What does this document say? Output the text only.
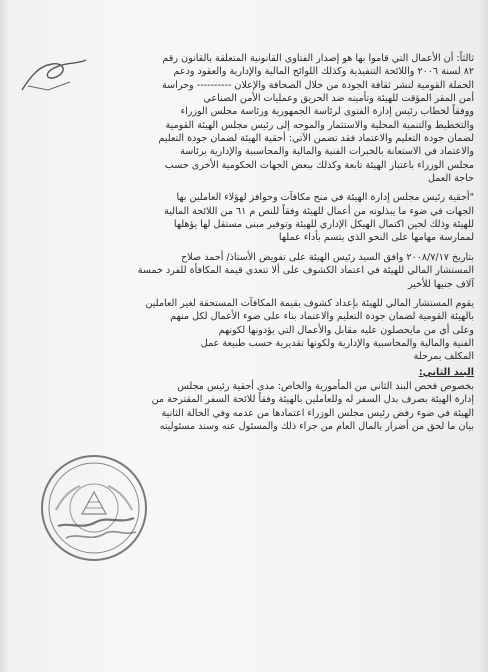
ثالثاً: أن الأعمال التي قاموا بها هو إصدار الفتاوى القانونية المتعلقة بالقانون رقم
٨٢ لسنة ٢٠٠٦ واللائحة التنفيذية وكذلك اللوائح المالية والإدارية والعقود ودعم
الحملة القومية لنشر ثقافة الجودة من خلال الصحافة والإعلان ---------- وحراسة
أمن المقر المؤقت للهيئة وتأمينه ضد الحريق وعمليات الأمن الصناعي
ووفقاً لخطاب رئيس إدارة الفتوى لرئاسة الجمهورية ورئاسة مجلس الوزراء
والتخطيط والتنمية المحلية والاستثمار والموجه إلى رئيس مجلس الهيئة القومية
لضمان جودة التعليم والاعتماد فقد تضمن الآتي: أحقية الهيئة لضمان جودة التعليم
والاعتماد في الاستعانة بالخبرات الفنية والمالية والمحاسبية والإدارية برئاسة
مجلس الوزراء باعتبار الهيئة تابعة وكذلك ببعض الجهات الحكومية الأخرى حسب
حاجة العمل
"أحقية رئيس مجلس إدارة الهيئة في منح مكافآت وحوافز لهؤلاء العاملين بها
الجهات في ضوء ما يبذلونه من أعمال للهيئة وفقاً للنص م ٦١ من اللائحة المالية
للهيئة وذلك لحين اكتمال الهيكل الإداري للهيئة وتوفير مبنى مستقل لها يؤهلها
لممارسة مهامها على النحو الذي يتسم بأداء عملها
بتاريخ ٢٠٠٨/٧/١٧ وافق السيد رئيس الهيئة على تفويض الأستاذ/ أحمد صلاح
المستشار المالي للهيئة في اعتماد الكشوف على ألا تتعدى قيمة المكافأة للفرد خمسة
آلاف جنيها للأخير
يقوم المستشار المالي للهيئة بإعداد كشوف بقيمة المكافآت المستحقة لغير العاملين
بالهيئة القومية لضمان جودة التعليم والاعتماد بناء على ضوء الأعمال لكل منهم
وعلى أي من مايحصلون عليه مقابل والأعمال التي يؤدونها لكونهم
الفنية والمالية والمحاسبية والإدارية ولكونها تقديرية حسب طبيعة عمل
المكلف بمرحلة
البند الثاني:
بخصوص فحص البند الثاني من المأمورية والخاص: مدى أحقية رئيس مجلس
إدارة الهيئة بصرف بدل السفر له وللعاملين بالهيئة وفقاً للائحة السفر المقترحة من
الهيئة في ضوء رفض رئيس مجلس الوزراء اعتمادها من عدمه وفي الحالة الثانية
بيان ما لحق من أضرار بالمال العام من جراء ذلك والمسئول عنه وسند مسئوليته
